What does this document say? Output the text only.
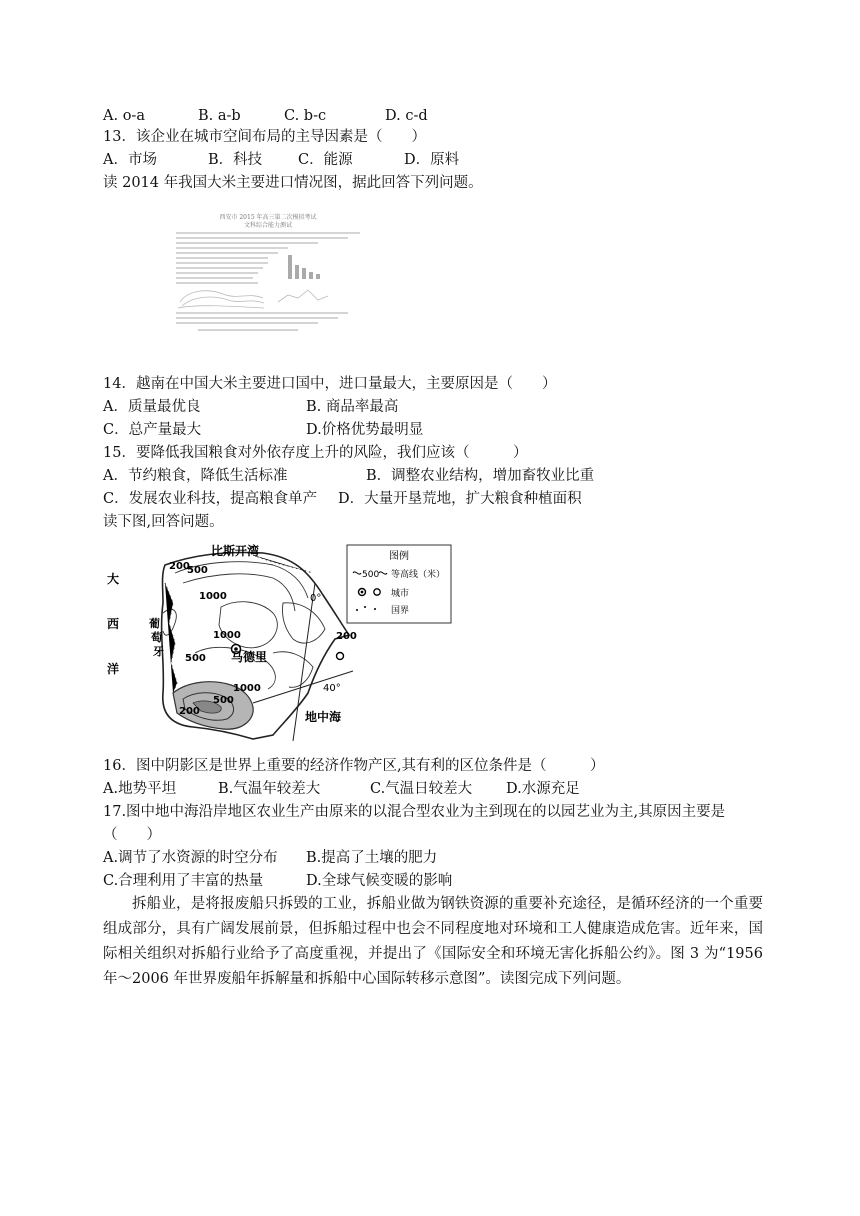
A. o-a	B. a-b	C. b-c	D. c-d
13．该企业在城市空间布局的主导因素是（　　）
A．市场	B．科技 C．能源	D．原料
读 2014 年我国大米主要进口情况图，据此回答下列问题。
西安市 2015 年高三第二次模拟考试
文科综合能力测试
14．越南在中国大米主要进口国中，进口量最大，主要原因是（　　）
A．质量最优良	B. 商品率最高
C．总产量最大	D.价格优势最明显
15．要降低我国粮食对外依存度上升的风险，我们应该（　　　）
A．节约粮食，降低生活标准	B．调整农业结构，增加畜牧业比重
C．发展农业科技，提高粮食单产 D．大量开垦荒地，扩大粮食种植面积
读下图,回答问题。
比斯开湾
大
西
洋
葡
萄
牙	马德里
地中海
0°
40°
200
500
1000
1000
500
200
1000
500
200
图例
500 等高线（米）
城市
国界
16．图中阴影区是世界上重要的经济作物产区,其有利的区位条件是（　　　）
A.地势平坦	B.气温年较差大	C.气温日较差大 D.水源充足
17.图中地中海沿岸地区农业生产由原来的以混合型农业为主到现在的以园艺业为主,其原因主要是
（　　）
A.调节了水资源的时空分布 B.提高了土壤的肥力
C.合理利用了丰富的热量	D.全球气候变暖的影响
拆船业，是将报废船只拆毁的工业，拆船业做为钢铁资源的重要补充途径，是循环经济的一个重要组成部分，具有广阔发展前景，但拆船过程中也会不同程度地对环境和工人健康造成危害。近年来，国际相关组织对拆船行业给予了高度重视，并提出了《国际安全和环境无害化拆船公约》。图 3 为“1956 年～2006 年世界废船年拆解量和拆船中心国际转移示意图”。读图完成下列问题。
